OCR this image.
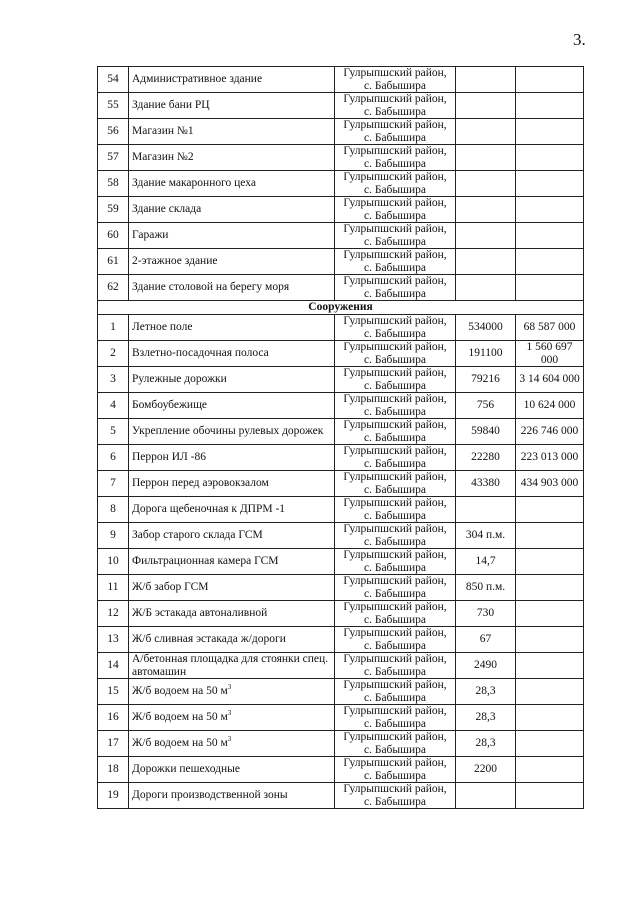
3.
54	Административное здание	Гулрыпшский район,
с. Бабышира		

55	Здание бани РЦ	Гулрыпшский район,
с. Бабышира		

56	Магазин №1	Гулрыпшский район,
с. Бабышира		

57	Магазин №2	Гулрыпшский район,
с. Бабышира		

58	Здание макаронного цеха	Гулрыпшский район,
с. Бабышира		

59	Здание склада	Гулрыпшский район,
с. Бабышира		

60	Гаражи	Гулрыпшский район,
с. Бабышира		

61	2-этажное здание	Гулрыпшский район,
с. Бабышира		

62	Здание столовой на берегу моря	Гулрыпшский район,
с. Бабышира		

Сооружения				
1	Летное поле	Гулрыпшский район,
с. Бабышира	534000	68 587 000
2	Взлетно-посадочная полоса	Гулрыпшский район,
с. Бабышира	191100	1 560 697 000
3	Рулежные дорожки	Гулрыпшский район,
с. Бабышира	79216	3 14 604 000
4	Бомбоубежище	Гулрыпшский район,
с. Бабышира	756	10 624 000
5	Укрепление обочины рулевых дорожек	Гулрыпшский район,
с. Бабышира	59840	226 746 000
6	Перрон ИЛ -86	Гулрыпшский район,
с. Бабышира	22280	223 013 000
7	Перрон перед аэровокзалом	Гулрыпшский район,
с. Бабышира	43380	434 903 000
8	Дорога щебеночная к ДПРМ -1	Гулрыпшский район,
с. Бабышира		

9	Забор старого склада ГСМ	Гулрыпшский район,
с. Бабышира	304 п.м.	
10	Фильтрационная камера ГСМ	Гулрыпшский район,
с. Бабышира	14,7	
11	Ж/б забор ГСМ	Гулрыпшский район,
с. Бабышира	850 п.м.	
12	Ж/Б эстакада автоналивной	Гулрыпшский район,
с. Бабышира	730	
13	Ж/б сливная эстакада ж/дороги	Гулрыпшский район,
с. Бабышира	67	
14	А/бетонная площадка для стоянки спец. автомашин	Гулрыпшский район,
с. Бабышира	2490	
15	Ж/б водоем на 50 $м^3$	Гулрыпшский район,
с. Бабышира	28,3	
16	Ж/б водоем на 50 $м^3$	Гулрыпшский район,
с. Бабышира	28,3	
17	Ж/б водоем на 50 $м^3$	Гулрыпшский район,
с. Бабышира	28,3	
18	Дорожки пешеходные	Гулрыпшский район,
с. Бабышира	2200	
19	Дороги производственной зоны	Гулрыпшский район,
с. Бабышира		
